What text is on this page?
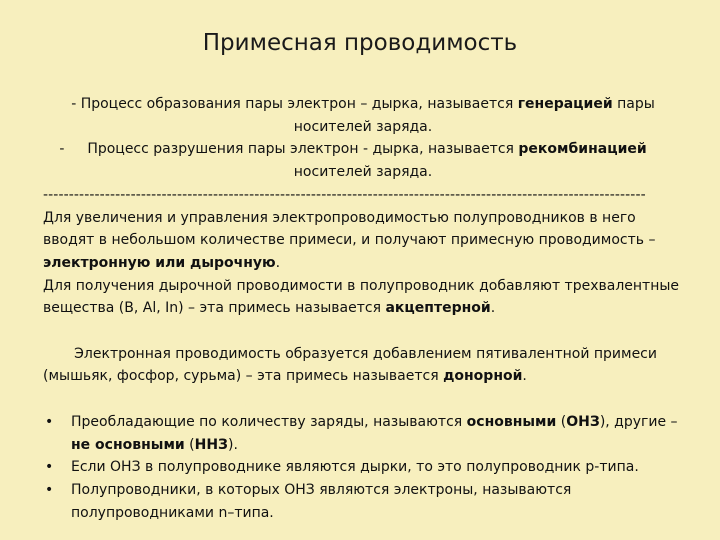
Примесная проводимость
- Процесс образования пары электрон – дырка, называется генерацией пары
носителей заряда.
- Процесс разрушения пары электрон - дырка, называется рекомбинацией
носителей заряда.
---------------------------------------------------------------------------------------------------------------------
Для увеличения и управления электропроводимостью полупроводников в него вводят в небольшом количестве примеси, и получают примесную проводимость – электронную или дырочную.
Для получения дырочной проводимости в полупроводник добавляют трехвалентные вещества (B, Al, In) – эта примесь называется акцептерной.

Электронная проводимость образуется добавлением пятивалентной примеси (мышьяк, фосфор, сурьма) – эта примесь называется донорной.

•	Преобладающие по количеству заряды, называются основными (ОНЗ), другие – не основными (ННЗ).
•	Если ОНЗ в полупроводнике являются дырки, то это полупроводник р-типа.
•	Полупроводники, в которых ОНЗ являются электроны, называются полупроводниками n–типа.
